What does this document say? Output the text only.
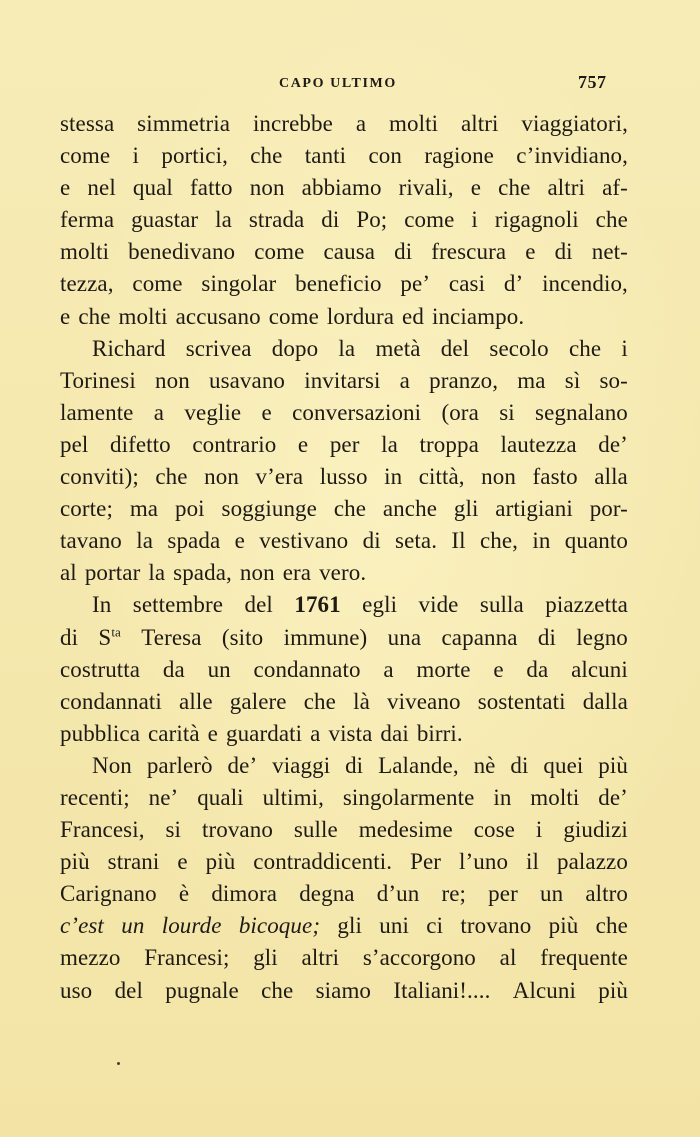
CAPO ULTIMO	757
stessa simmetria increbbe a molti altri viaggiatori,
come i portici, che tanti con ragione c’invidiano,
e nel qual fatto non abbiamo rivali, e che altri af-
ferma guastar la strada di Po; come i rigagnoli che
molti benedivano come causa di frescura e di net-
tezza, come singolar beneficio pe’ casi d’ incendio,
e che molti accusano come lordura ed inciampo.
Richard scrivea dopo la metà del secolo che i
Torinesi non usavano invitarsi a pranzo, ma sì so-
lamente a veglie e conversazioni (ora si segnalano
pel difetto contrario e per la troppa lautezza de’
conviti); che non v’era lusso in città, non fasto alla
corte; ma poi soggiunge che anche gli artigiani por-
tavano la spada e vestivano di seta. Il che, in quanto
al portar la spada, non era vero.
In settembre del 1761 egli vide sulla piazzetta
di $S^{ta}$ Teresa (sito immune) una capanna di legno
costrutta da un condannato a morte e da alcuni
condannati alle galere che là viveano sostentati dalla
pubblica carità e guardati a vista dai birri.
Non parlerò de’ viaggi di Lalande, nè di quei più
recenti; ne’ quali ultimi, singolarmente in molti de’
Francesi, si trovano sulle medesime cose i giudizi
più strani e più contraddicenti. Per l’uno il palazzo
Carignano è dimora degna d’un re; per un altro
c’est un lourde bicoque; gli uni ci trovano più che
mezzo Francesi; gli altri s’accorgono al frequente
uso del pugnale che siamo Italiani!.... Alcuni più
